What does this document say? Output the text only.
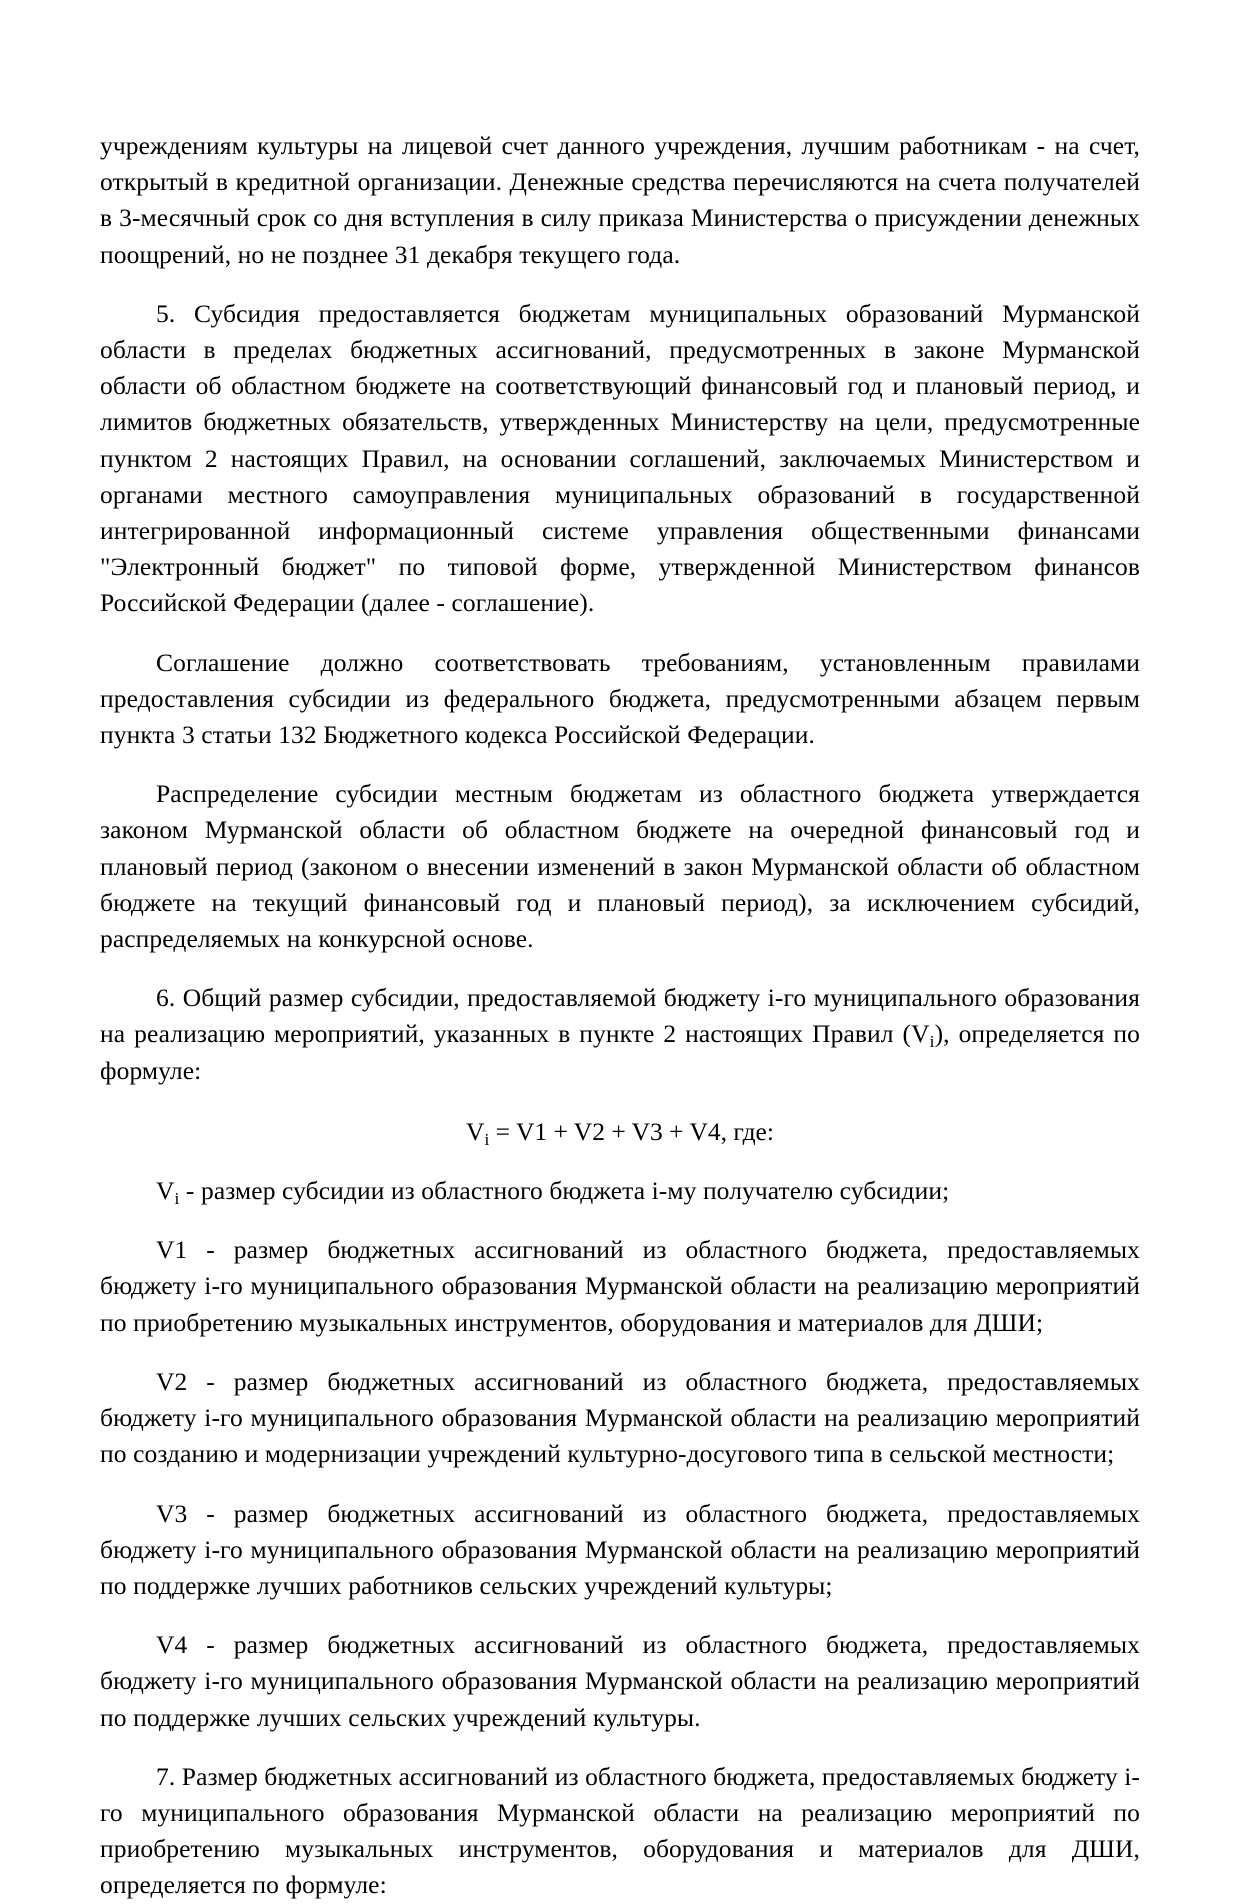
учреждениям культуры на лицевой счет данного учреждения, лучшим работникам - на счет, открытый в кредитной организации. Денежные средства перечисляются на счета получателей в 3-месячный срок со дня вступления в силу приказа Министерства о присуждении денежных поощрений, но не позднее 31 декабря текущего года.

5. Субсидия предоставляется бюджетам муниципальных образований Мурманской области в пределах бюджетных ассигнований, предусмотренных в законе Мурманской области об областном бюджете на соответствующий финансовый год и плановый период, и лимитов бюджетных обязательств, утвержденных Министерству на цели, предусмотренные пунктом 2 настоящих Правил, на основании соглашений, заключаемых Министерством и органами местного самоуправления муниципальных образований в государственной интегрированной информационный системе управления общественными финансами "Электронный бюджет" по типовой форме, утвержденной Министерством финансов Российской Федерации (далее - соглашение).

Соглашение должно соответствовать требованиям, установленным правилами предоставления субсидии из федерального бюджета, предусмотренными абзацем первым пункта 3 статьи 132 Бюджетного кодекса Российской Федерации.

Распределение субсидии местным бюджетам из областного бюджета утверждается законом Мурманской области об областном бюджете на очередной финансовый год и плановый период (законом о внесении изменений в закон Мурманской области об областном бюджете на текущий финансовый год и плановый период), за исключением субсидий, распределяемых на конкурсной основе.

6. Общий размер субсидии, предоставляемой бюджету i-го муниципального образования на реализацию мероприятий, указанных в пункте 2 настоящих Правил $(V_i)$, определяется по формуле:

$V_i = V1 + V2 + V3 + V4$, где:

$V_i$ - размер субсидии из областного бюджета i-му получателю субсидии;

V1 - размер бюджетных ассигнований из областного бюджета, предоставляемых бюджету i-го муниципального образования Мурманской области на реализацию мероприятий по приобретению музыкальных инструментов, оборудования и материалов для ДШИ;

V2 - размер бюджетных ассигнований из областного бюджета, предоставляемых бюджету i-го муниципального образования Мурманской области на реализацию мероприятий по созданию и модернизации учреждений культурно-досугового типа в сельской местности;

V3 - размер бюджетных ассигнований из областного бюджета, предоставляемых бюджету i-го муниципального образования Мурманской области на реализацию мероприятий по поддержке лучших работников сельских учреждений культуры;

V4 - размер бюджетных ассигнований из областного бюджета, предоставляемых бюджету i-го муниципального образования Мурманской области на реализацию мероприятий по поддержке лучших сельских учреждений культуры.

7. Размер бюджетных ассигнований из областного бюджета, предоставляемых бюджету i-го муниципального образования Мурманской области на реализацию мероприятий по приобретению музыкальных инструментов, оборудования и материалов для ДШИ, определяется по формуле:
